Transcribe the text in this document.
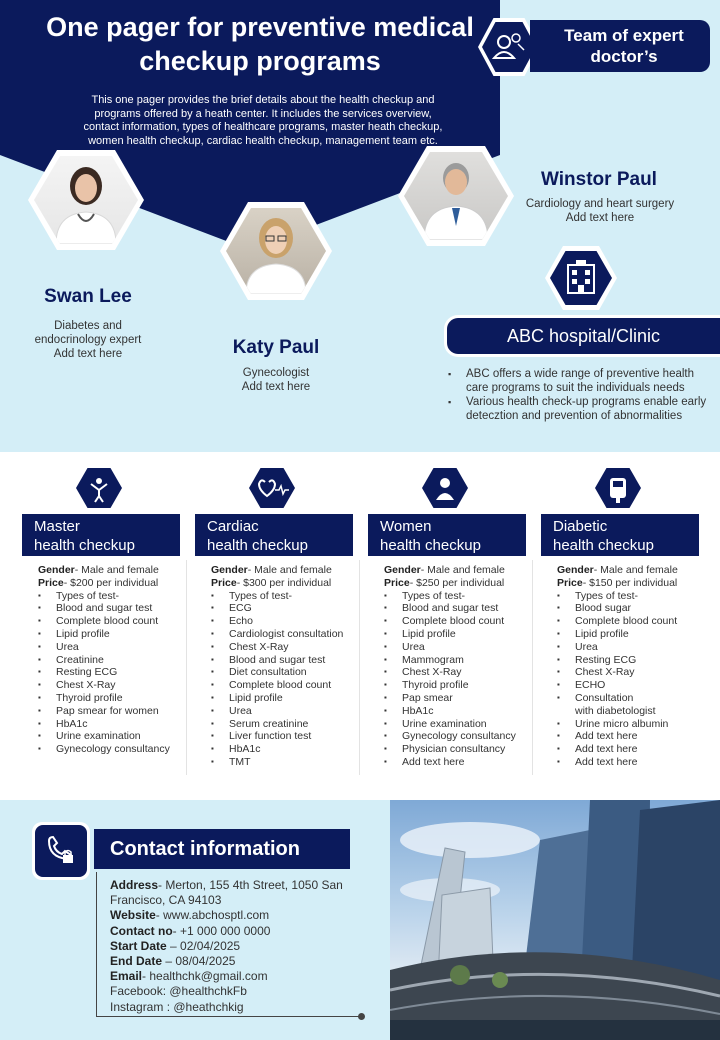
One pager for preventive medical checkup programs
This one pager provides the brief details about the health checkup and programs offered by a heath center. It includes the services overview, contact information, types of healthcare programs, master heath checkup, women health checkup, cardiac health checkup, management team etc.
Team of expert doctor’s
Swan Lee
Diabetes and
endocrinology expert
Add text here	Katy Paul
Gynecologist
Add text here
Winstor Paul
Cardiology and heart surgery
Add text here
ABC hospital/Clinic
▪ ABC offers a wide range of preventive health care programs to suit the individuals needs
▪ Various health check-up programs enable early detecztion and prevention of abnormalities
Master
health checkup
Gender- Male and female
Price- $200 per individual
▪ Types of test-
▪ Blood and sugar test
▪ Complete blood count
▪ Lipid profile
▪ Urea
▪ Creatinine
▪ Resting ECG
▪ Chest X-Ray
▪ Thyroid profile
▪ Pap smear for women
▪ HbA1c
▪ Urine examination
▪ Gynecology consultancy
Cardiac
health checkup
Gender- Male and female
Price- $300 per individual
▪ Types of test-
▪ ECG
▪ Echo
▪ Cardiologist consultation
▪ Chest X-Ray
▪ Blood and sugar test
▪ Diet consultation
▪ Complete blood count
▪ Lipid profile
▪ Urea
▪ Serum creatinine
▪ Liver function test
▪ HbA1c
▪ TMT
Women
health checkup
Gender- Male and female
Price- $250 per individual
▪ Types of test-
▪ Blood and sugar test
▪ Complete blood count
▪ Lipid profile
▪ Urea
▪ Mammogram
▪ Chest X-Ray
▪ Thyroid profile
▪ Pap smear
▪ HbA1c
▪ Urine examination
▪ Gynecology consultancy
▪ Physician consultancy
▪ Add text here
Diabetic
health checkup
Gender- Male and female
Price- $150 per individual
▪ Types of test-
▪ Blood sugar
▪ Complete blood count
▪ Lipid profile
▪ Urea
▪ Resting ECG
▪ Chest X-Ray
▪ ECHO
▪ Consultation
with diabetologist
▪ Urine micro albumin
▪ Add text here
▪ Add text here
▪ Add text here
Contact information
Address- Merton, 155 4th Street, 1050 San Francisco, CA 94103
Website- www.abchosptl.com
Contact no- +1 000 000 0000
Start Date – 02/04/2025
End Date – 08/04/2025
Email- healthchk@gmail.com
Facebook: @healthchkFb
Instagram : @heathchkig
